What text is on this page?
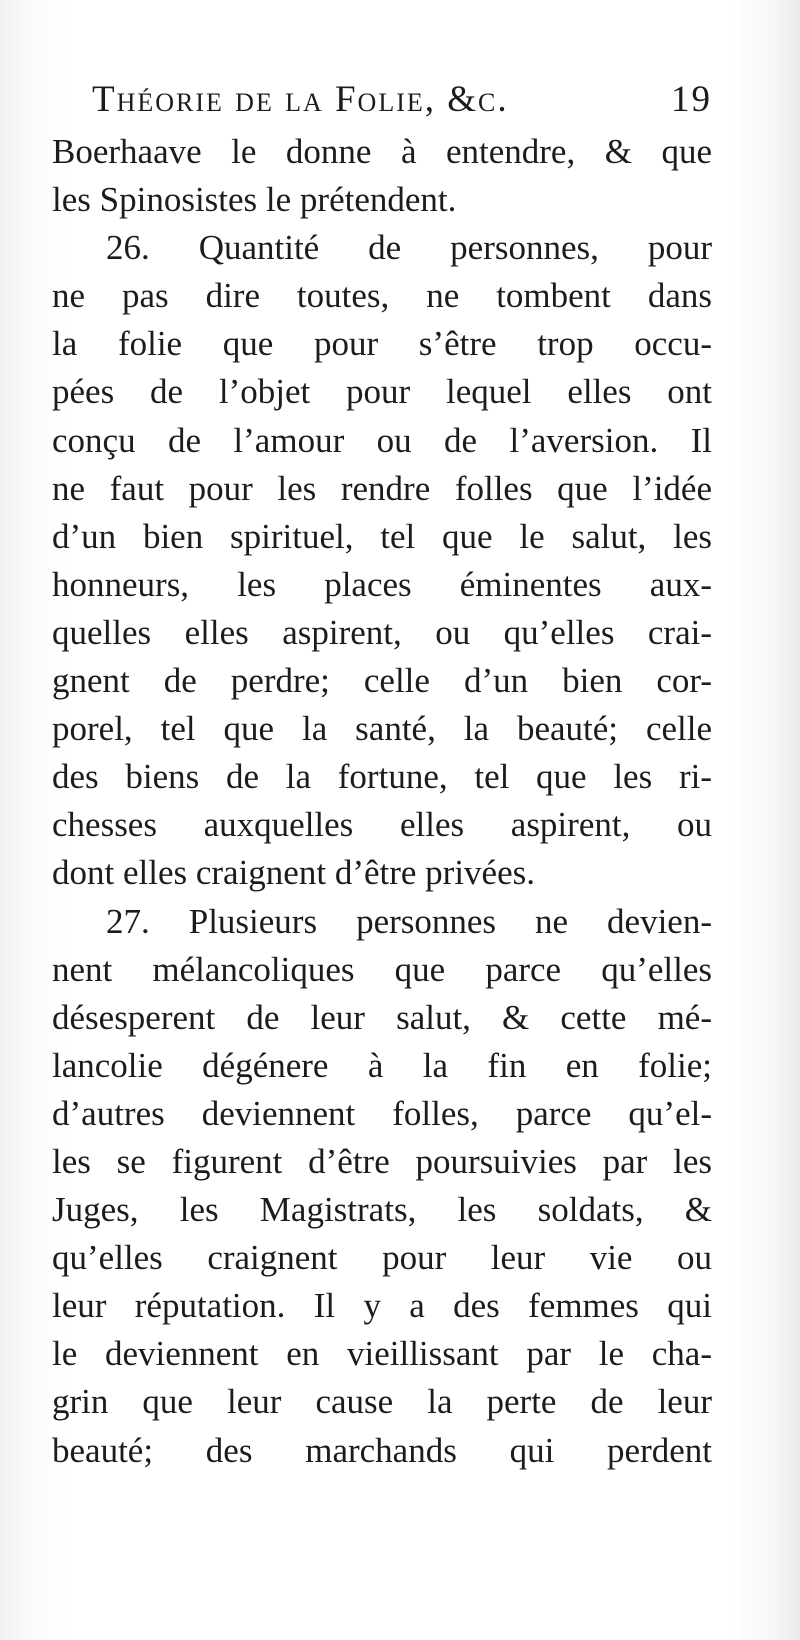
Théorie de la Folie, &c.	19
Boerhaave le donne à entendre, & que
les Spinosistes le prétendent.
26. Quantité de personnes, pour
ne pas dire toutes, ne tombent dans
la folie que pour s’être trop occu-
pées de l’objet pour lequel elles ont
conçu de l’amour ou de l’aversion. Il
ne faut pour les rendre folles que l’idée
d’un bien spirituel, tel que le salut, les
honneurs, les places éminentes aux-
quelles elles aspirent, ou qu’elles crai-
gnent de perdre; celle d’un bien cor-
porel, tel que la santé, la beauté; celle
des biens de la fortune, tel que les ri-
chesses auxquelles elles aspirent, ou
dont elles craignent d’être privées.
27. Plusieurs personnes ne devien-
nent mélancoliques que parce qu’elles
désesperent de leur salut, & cette mé-
lancolie dégénere à la fin en folie;
d’autres deviennent folles, parce qu’el-
les se figurent d’être poursuivies par les
Juges, les Magistrats, les soldats, &
qu’elles craignent pour leur vie ou
leur réputation. Il y a des femmes qui
le deviennent en vieillissant par le cha-
grin que leur cause la perte de leur
beauté; des marchands qui perdent
